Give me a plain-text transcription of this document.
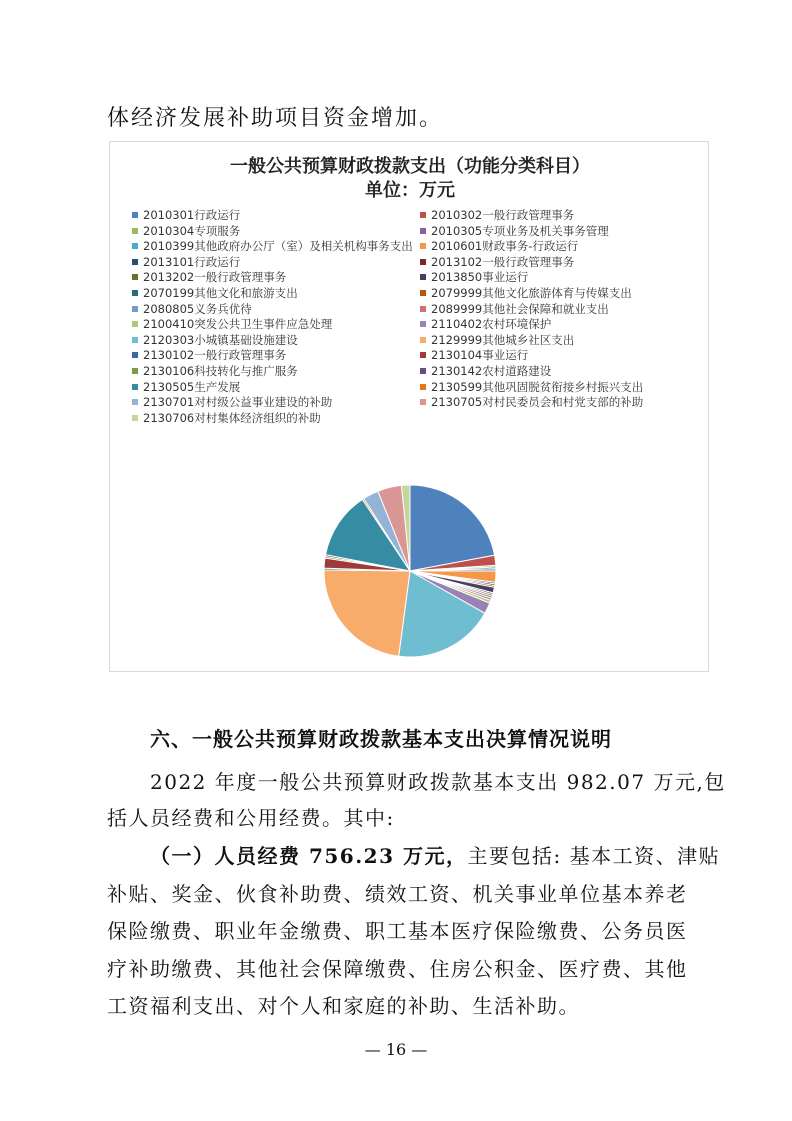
体经济发展补助项目资金增加。
一般公共预算财政拨款支出（功能分类科目）
单位：万元
2010301行政运行	2010302一般行政管理事务
2010304专项服务	2010305专项业务及机关事务管理
2010399其他政府办公厅（室）及相关机构事务支出	2010601财政事务-行政运行
2013101行政运行	2013102一般行政管理事务
2013202一般行政管理事务	2013850事业运行
2070199其他文化和旅游支出	2079999其他文化旅游体育与传媒支出
2080805义务兵优待	2089999其他社会保障和就业支出
2100410突发公共卫生事件应急处理	2110402农村环境保护
2120303小城镇基础设施建设	2129999其他城乡社区支出
2130102一般行政管理事务	2130104事业运行
2130106科技转化与推广服务	2130142农村道路建设
2130505生产发展	2130599其他巩固脱贫衔接乡村振兴支出
2130701对村级公益事业建设的补助	2130705对村民委员会和村党支部的补助
2130706对村集体经济组织的补助
六、一般公共预算财政拨款基本支出决算情况说明
2022 年度一般公共预算财政拨款基本支出 982.07 万元,包
括人员经费和公用经费。其中:
（一）人员经费 756.23 万元，主要包括: 基本工资、津贴
补贴、奖金、伙食补助费、绩效工资、机关事业单位基本养老
保险缴费、职业年金缴费、职工基本医疗保险缴费、公务员医
疗补助缴费、其他社会保障缴费、住房公积金、医疗费、其他
工资福利支出、对个人和家庭的补助、生活补助。
— 16 —
